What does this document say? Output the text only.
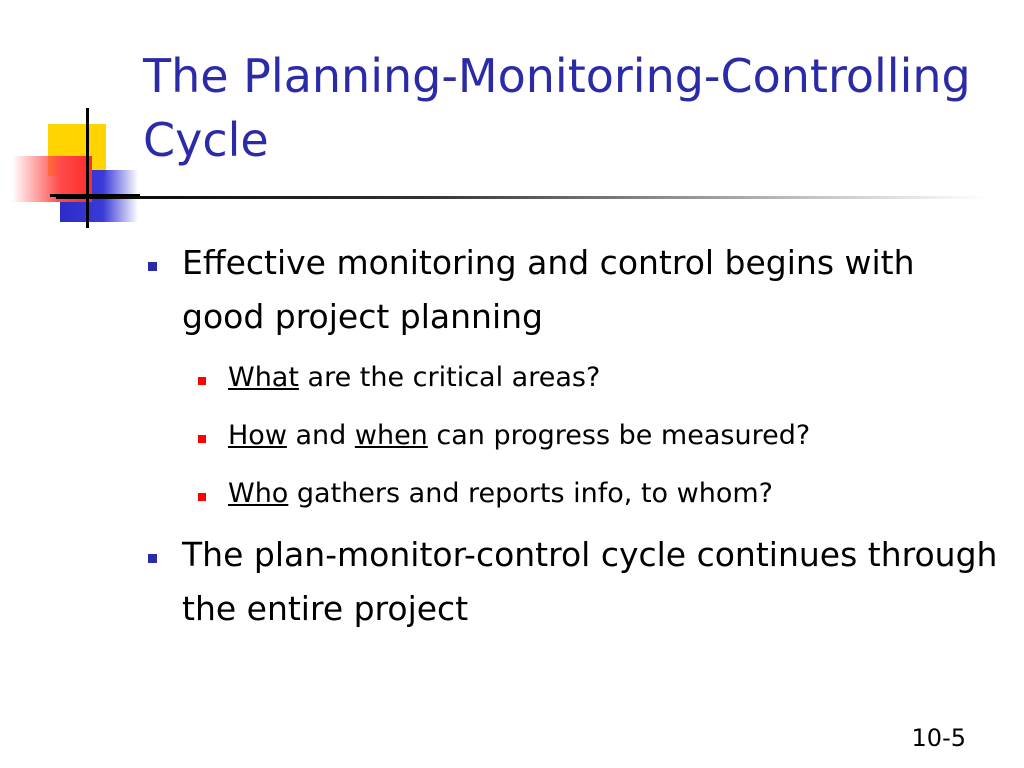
The Planning-Monitoring-Controlling Cycle
Effective monitoring and control begins with good project planning
What are the critical areas?
How and when can progress be measured?
Who gathers and reports info, to whom?
The plan-monitor-control cycle continues through the entire project
10-5
